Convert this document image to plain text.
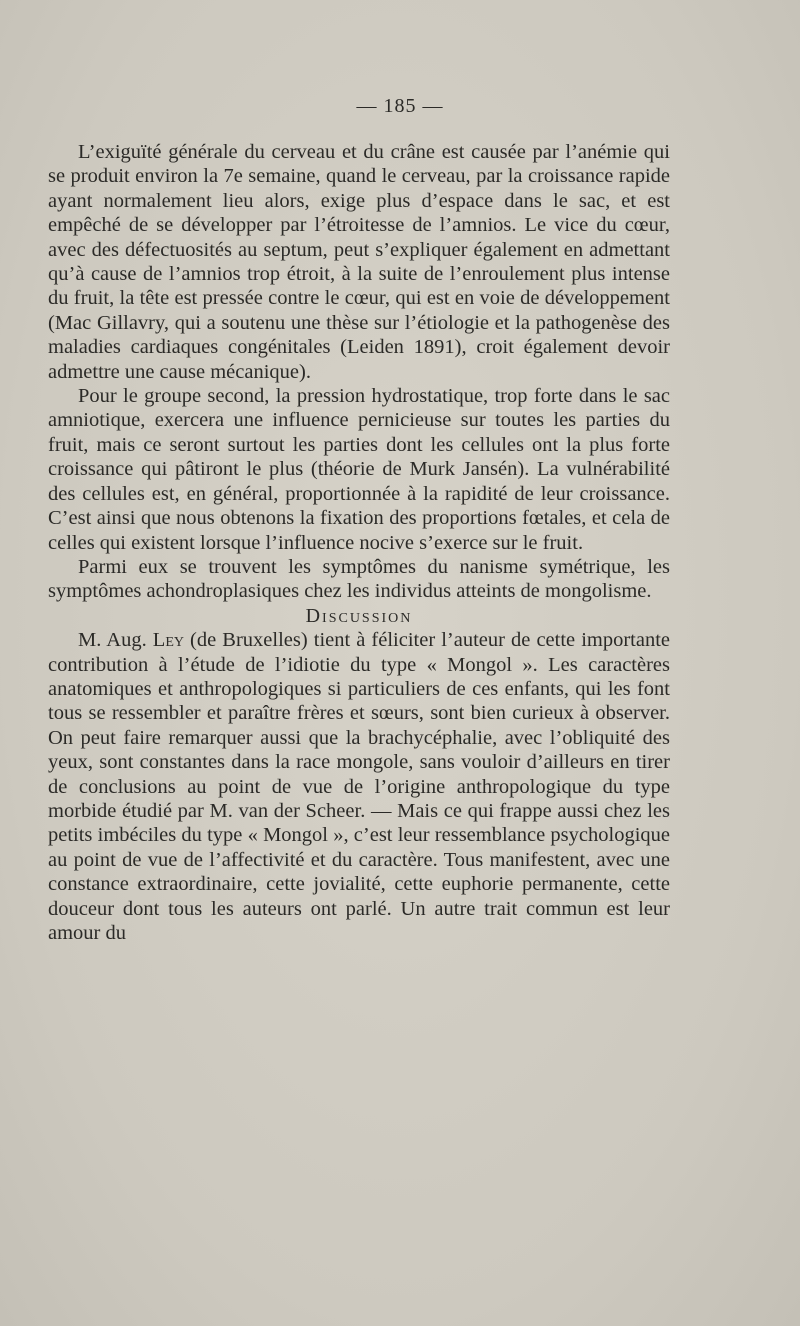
— 185 —

L’exiguïté générale du cerveau et du crâne est causée par l’anémie qui se produit environ la 7e semaine, quand le cerveau, par la croissance rapide ayant normalement lieu alors, exige plus d’espace dans le sac, et est empêché de se développer par l’étroitesse de l’amnios. Le vice du cœur, avec des défectuosités au septum, peut s’expliquer également en admettant qu’à cause de l’amnios trop étroit, à la suite de l’enroulement plus intense du fruit, la tête est pressée contre le cœur, qui est en voie de développement (Mac Gillavry, qui a soutenu une thèse sur l’étiologie et la pathogenèse des maladies cardiaques congénitales (Leiden 1891), croit également devoir admettre une cause mécanique).

Pour le groupe second, la pression hydrostatique, trop forte dans le sac amniotique, exercera une influence pernicieuse sur toutes les parties du fruit, mais ce seront surtout les parties dont les cellules ont la plus forte croissance qui pâtiront le plus (théorie de Murk Jansén). La vulnérabilité des cellules est, en général, proportionnée à la rapidité de leur croissance. C’est ainsi que nous obtenons la fixation des proportions fœtales, et cela de celles qui existent lorsque l’influence nocive s’exerce sur le fruit.

Parmi eux se trouvent les symptômes du nanisme symétrique, les symptômes achondroplasiques chez les individus atteints de mongolisme.

Discussion

M. Aug. Ley (de Bruxelles) tient à féliciter l’auteur de cette importante contribution à l’étude de l’idiotie du type « Mongol ». Les caractères anatomiques et anthropologiques si particuliers de ces enfants, qui les font tous se ressembler et paraître frères et sœurs, sont bien curieux à observer. On peut faire remarquer aussi que la brachycéphalie, avec l’obliquité des yeux, sont constantes dans la race mongole, sans vouloir d’ailleurs en tirer de conclusions au point de vue de l’origine anthropologique du type morbide étudié par M. van der Scheer. — Mais ce qui frappe aussi chez les petits imbéciles du type « Mongol », c’est leur ressemblance psychologique au point de vue de l’affectivité et du caractère. Tous manifestent, avec une constance extraordinaire, cette jovialité, cette euphorie permanente, cette douceur dont tous les auteurs ont parlé. Un autre trait commun est leur amour du
